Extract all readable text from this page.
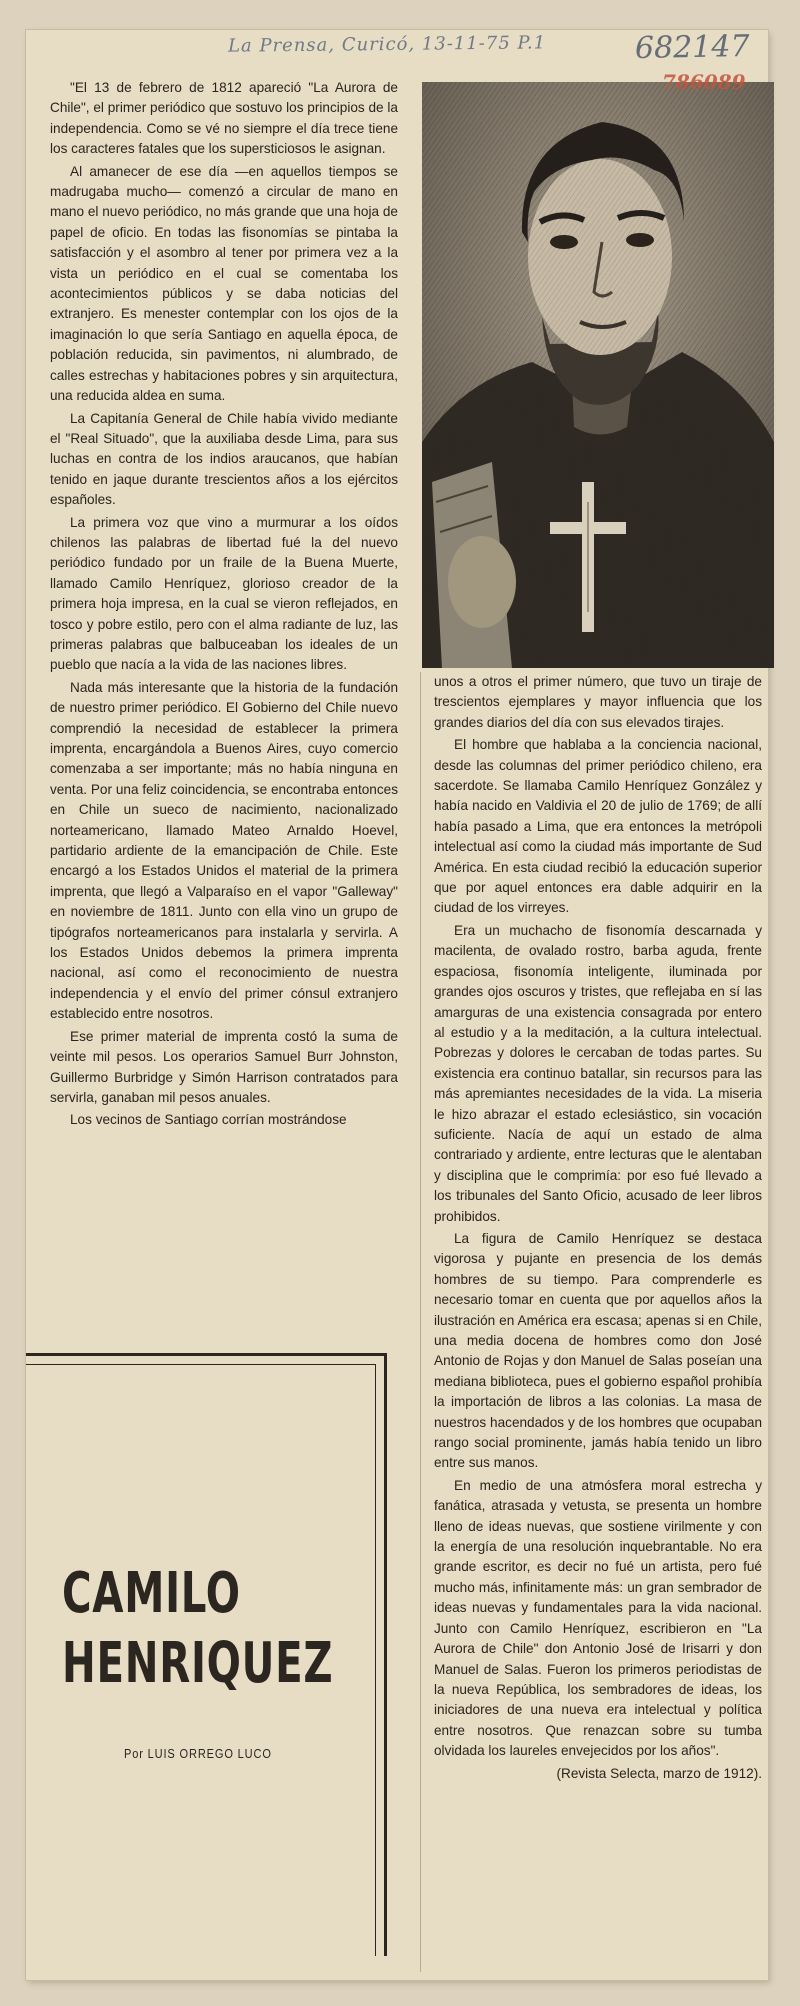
La Prensa, Curicó, 13-11-75 P.1	682147

"El 13 de febrero de 1812 apareció "La Aurora de Chile", el primer periódico que sostuvo los principios de la independencia. Como se vé no siempre el día trece tiene los caracteres fatales que los supersticiosos le asignan.

Al amanecer de ese día —en aquellos tiempos se madrugaba mucho— comenzó a circular de mano en mano el nuevo periódico, no más grande que una hoja de papel de oficio. En todas las fisonomías se pintaba la satisfacción y el asombro al tener por primera vez a la vista un periódico en el cual se comentaba los acontecimientos públicos y se daba noticias del extranjero. Es menester contemplar con los ojos de la imaginación lo que sería Santiago en aquella época, de población reducida, sin pavimentos, ni alumbrado, de calles estrechas y habitaciones pobres y sin arquitectura, una reducida aldea en suma.

La Capitanía General de Chile había vivido mediante el "Real Situado", que la auxiliaba desde Lima, para sus luchas en contra de los indios araucanos, que habían tenido en jaque durante trescientos años a los ejércitos españoles.

La primera voz que vino a murmurar a los oídos chilenos las palabras de libertad fué la del nuevo periódico fundado por un fraile de la Buena Muerte, llamado Camilo Henríquez, glorioso creador de la primera hoja impresa, en la cual se vieron reflejados, en tosco y pobre estilo, pero con el alma radiante de luz, las primeras palabras que balbuceaban los ideales de un pueblo que nacía a la vida de las naciones libres.

Nada más interesante que la historia de la fundación de nuestro primer periódico. El Gobierno del Chile nuevo comprendió la necesidad de establecer la primera imprenta, encargándola a Buenos Aires, cuyo comercio comenzaba a ser importante; más no había ninguna en venta. Por una feliz coincidencia, se encontraba entonces en Chile un sueco de nacimiento, nacionalizado norteamericano, llamado Mateo Arnaldo Hoevel, partidario ardiente de la emancipación de Chile. Este encargó a los Estados Unidos el material de la primera imprenta, que llegó a Valparaíso en el vapor "Galleway" en noviembre de 1811. Junto con ella vino un grupo de tipógrafos norteamericanos para instalarla y servirla. A los Estados Unidos debemos la primera imprenta nacional, así como el reconocimiento de nuestra independencia y el envío del primer cónsul extranjero establecido entre nosotros.

Ese primer material de imprenta costó la suma de veinte mil pesos. Los operarios Samuel Burr Johnston, Guillermo Burbridge y Simón Harrison contratados para servirla, ganaban mil pesos anuales.

Los vecinos de Santiago corrían mostrándose

786089

unos a otros el primer número, que tuvo un tiraje de trescientos ejemplares y mayor influencia que los grandes diarios del día con sus elevados tirajes.

El hombre que hablaba a la conciencia nacional, desde las columnas del primer periódico chileno, era sacerdote. Se llamaba Camilo Henríquez González y había nacido en Valdivia el 20 de julio de 1769; de allí había pasado a Lima, que era entonces la metrópoli intelectual así como la ciudad más importante de Sud América. En esta ciudad recibió la educación superior que por aquel entonces era dable adquirir en la ciudad de los virreyes.

Era un muchacho de fisonomía descarnada y macilenta, de ovalado rostro, barba aguda, frente espaciosa, fisonomía inteligente, iluminada por grandes ojos oscuros y tristes, que reflejaba en sí las amarguras de una existencia consagrada por entero al estudio y a la meditación, a la cultura intelectual. Pobrezas y dolores le cercaban de todas partes. Su existencia era continuo batallar, sin recursos para las más apremiantes necesidades de la vida. La miseria le hizo abrazar el estado eclesiástico, sin vocación suficiente. Nacía de aquí un estado de alma contrariado y ardiente, entre lecturas que le alentaban y disciplina que le comprimía: por eso fué llevado a los tribunales del Santo Oficio, acusado de leer libros prohibidos.

La figura de Camilo Henríquez se destaca vigorosa y pujante en presencia de los demás hombres de su tiempo. Para comprenderle es necesario tomar en cuenta que por aquellos años la ilustración en América era escasa; apenas si en Chile, una media docena de hombres como don José Antonio de Rojas y don Manuel de Salas poseían una mediana biblioteca, pues el gobierno español prohibía la importación de libros a las colonias. La masa de nuestros hacendados y de los hombres que ocupaban rango social prominente, jamás había tenido un libro entre sus manos.

En medio de una atmósfera moral estrecha y fanática, atrasada y vetusta, se presenta un hombre lleno de ideas nuevas, que sostiene virilmente y con la energía de una resolución inquebrantable. No era grande escritor, es decir no fué un artista, pero fué mucho más, infinitamente más: un gran sembrador de ideas nuevas y fundamentales para la vida nacional. Junto con Camilo Henríquez, escribieron en "La Aurora de Chile" don Antonio José de Irisarri y don Manuel de Salas. Fueron los primeros periodistas de la nueva República, los sembradores de ideas, los iniciadores de una nueva era intelectual y política entre nosotros. Que renazcan sobre su tumba olvidada los laureles envejecidos por los años".

(Revista Selecta, marzo de 1912).

CAMILO
HENRIQUEZ
Por LUIS ORREGO LUCO
